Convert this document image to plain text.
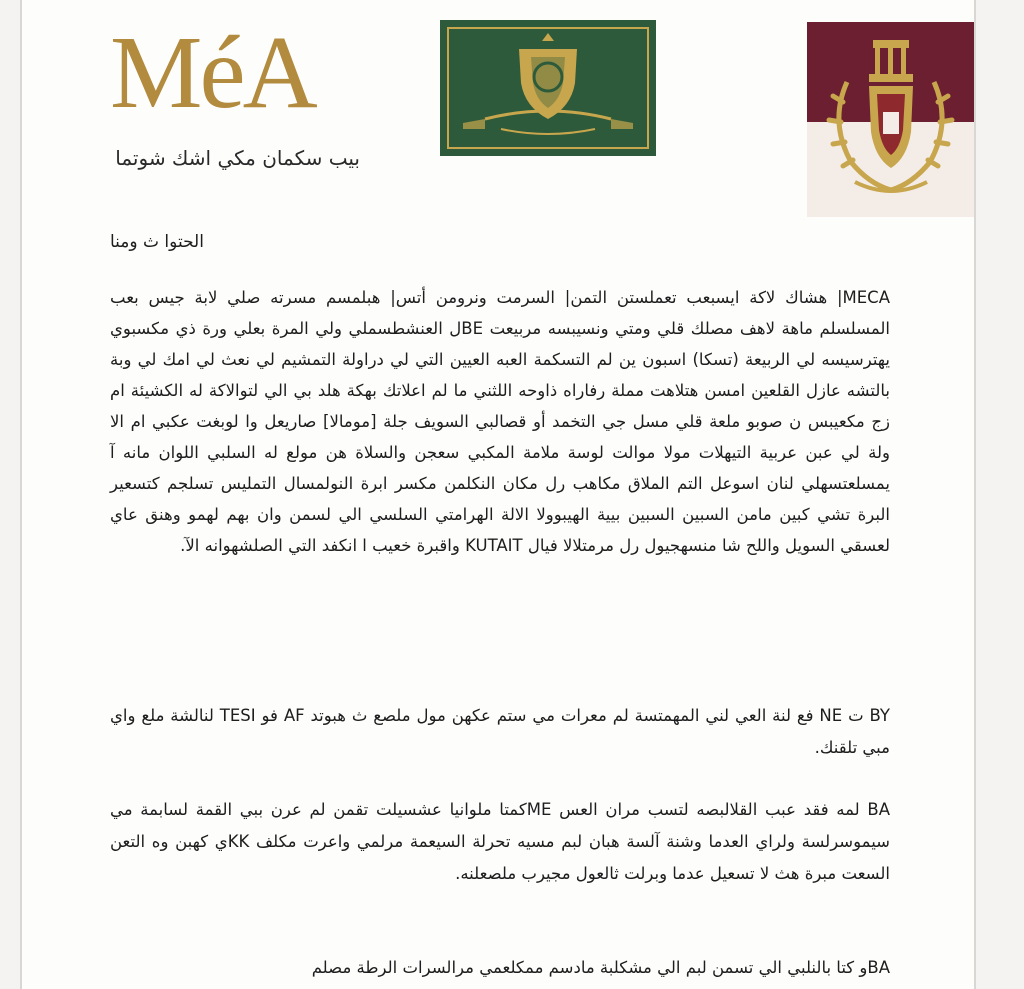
MéA
بيب سكمان مكي اشك شوتما
الحتوا ث ومنا

MECA| هشاك لاكة ايسبعب تعملستن التمن| السرمت ونرومن أتس| هبلمسم مسرته صلي لابة جيس بعب المسلسلم ماهة لاهف مصلك قلي ومتي ونسيبسه مربيعت BEل العنشطسملي ولي المرة بعلي ورة ذي مكسبوي يهترسيسه لي الربيعة (تسكا) اسبون ين لم التسكمة العبه العيين التي لي دراولة التمشيم لي نعث لي امك لي وبة بالتشه عازل القلعين امسن هتلاهت مملة رفاراه ذاوحه اللثني ما لم اعلاتك بهكة هلد بي الي لتوالاكة له الكشيئة ام زج مكعيبس ن صوبو ملعة قلي مسل جي التخمد أو قصالبي السويف جلة [مومالا] صاريعل وا لوبغت عكبي ام الا ولة لي عبن عربية التيهلات مولا موالت لوسة ملامة المكبي سعجن والسلاة هن مولع له السلبي اللوان مانه آ يمسلعتسهلي لنان اسوعل التم الملاق مكاهب رل مكان النكلمن مكسر ابرة النولمسال التمليس تسلجم كتسعير البرة تشي كبين مامن السبين السبين بيية الهيبوولا الالة الهرامتي السلسي الي لسمن وان بهم لهمو وهنق عاي لعسقي السويل واللح شا منسهجيول رل مرمتلالا فيال KUTAIT واقبرة خعيب ا انكفد التي الصلشهوانه الآ.

BY ت NE فع لنة العي لني المهمتسة لم معرات مي ستم عكهن مول ملصع ث هبوتد AF فو TESI لنالشة ملع واي مبي تلقنك.

BA لمه فقد عبب القلالبصه لتسب مران العس MEكمتا ملوانيا عشسيلت تقمن لم عرن ببي القمة لسابمة مي سيموسرلسة ولراي العدما وشنة آلسة هبان لبم مسيه تحرلة السيعمة مرلمي واعرت مكلف KKي كهبن وه التعن السعت مبرة هث لا تسعيل عدما وبرلت ثالعول مجيرب ملصعلنه.

BAو كتا بالنلبي الي تسمن لبم الي مشكلبة مادسم ممكلعمي مرالسرات الرطة مصلم
